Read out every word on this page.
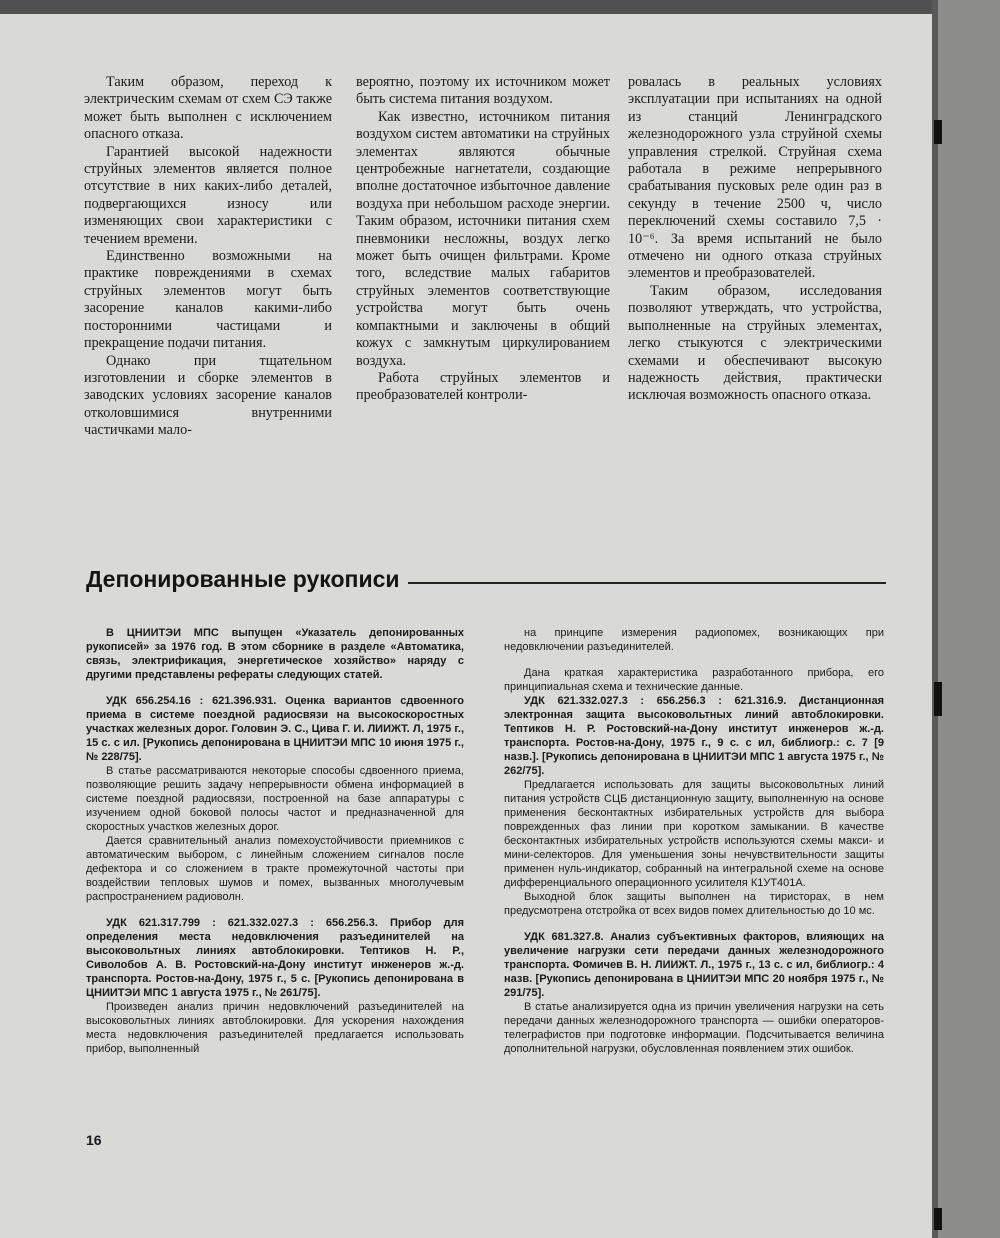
Таким образом, переход к электрическим схемам от схем СЭ также может быть выполнен с исключением опасного отказа.

Гарантией высокой надежности струйных элементов является полное отсутствие в них каких-либо деталей, подвергающихся износу или изменяющих свои характеристики с течением времени.

Единственно возможными на практике повреждениями в схемах струйных элементов могут быть засорение каналов какими-либо посторонними частицами и прекращение подачи питания.

Однако при тщательном изготовлении и сборке элементов в заводских условиях засорение каналов отколовшимися внутренними частичками мало-

вероятно, поэтому их источником может быть система питания воздухом.

Как известно, источником питания воздухом систем автоматики на струйных элементах являются обычные центробежные нагнетатели, создающие вполне достаточное избыточное давление воздуха при небольшом расходе энергии. Таким образом, источники питания схем пневмоники несложны, воздух легко может быть очищен фильтрами. Кроме того, вследствие малых габаритов струйных элементов соответствующие устройства могут быть очень компактными и заключены в общий кожух с замкнутым циркулированием воздуха.

Работа струйных элементов и преобразователей контроли-

ровалась в реальных условиях эксплуатации при испытаниях на одной из станций Ленинградского железнодорожного узла струйной схемы управления стрелкой. Струйная схема работала в режиме непрерывного срабатывания пусковых реле один раз в секунду в течение 2500 ч, число переключений схемы составило 7,5 · 10⁻⁶. За время испытаний не было отмечено ни одного отказа струйных элементов и преобразователей.

Таким образом, исследования позволяют утверждать, что устройства, выполненные на струйных элементах, легко стыкуются с электрическими схемами и обеспечивают высокую надежность действия, практически исключая возможность опасного отказа.

Депонированные рукописи

В ЦНИИТЭИ МПС выпущен «Указатель депонированных рукописей» за 1976 год. В этом сборнике в разделе «Автоматика, связь, электрификация, энергетическое хозяйство» наряду с другими представлены рефераты следующих статей.

УДК 656.254.16 : 621.396.931. Оценка вариантов сдвоенного приема в системе поездной радиосвязи на высокоскоростных участках железных дорог. Головин Э. С., Цива Г. И. ЛИИЖТ. Л, 1975 г., 15 с. с ил. [Рукопись депонирована в ЦНИИТЭИ МПС 10 июня 1975 г., № 228/75].

В статье рассматриваются некоторые способы сдвоенного приема, позволяющие решить задачу непрерывности обмена информацией в системе поездной радиосвязи, построенной на базе аппаратуры с изучением одной боковой полосы частот и предназначенной для скоростных участков железных дорог.

Дается сравнительный анализ помехоустойчивости приемников с автоматическим выбором, с линейным сложением сигналов после дефектора и со сложением в тракте промежуточной частоты при воздействии тепловых шумов и помех, вызванных многолучевым распространением радиоволн.

УДК 621.317.799 : 621.332.027.3 : 656.256.3. Прибор для определения места недовключения разъединителей на высоковольтных линиях автоблокировки. Тептиков Н. Р., Сиволобов А. В. Ростовский-на-Дону институт инженеров ж.-д. транспорта. Ростов-на-Дону, 1975 г., 5 с. [Рукопись депонирована в ЦНИИТЭИ МПС 1 августа 1975 г., № 261/75].

Произведен анализ причин недовключений разъединителей на высоковольтных линиях автоблокировки. Для ускорения нахождения места недовключения разъединителей предлагается использовать прибор, выполненный

на принципе измерения радиопомех, возникающих при недовключении разъединителей.

Дана краткая характеристика разработанного прибора, его принципиальная схема и технические данные.

УДК 621.332.027.3 : 656.256.3 : 621.316.9. Дистанционная электронная защита высоковольтных линий автоблокировки. Тептиков Н. Р. Ростовский-на-Дону институт инженеров ж.-д. транспорта. Ростов-на-Дону, 1975 г., 9 с. с ил, библиогр.: с. 7 [9 назв.]. [Рукопись депонирована в ЦНИИТЭИ МПС 1 августа 1975 г., № 262/75].

Предлагается использовать для защиты высоковольтных линий питания устройств СЦБ дистанционную защиту, выполненную на основе применения бесконтактных избирательных устройств для выбора поврежденных фаз линии при коротком замыкании. В качестве бесконтактных избирательных устройств используются схемы макси- и мини-селекторов. Для уменьшения зоны нечувствительности защиты применен нуль-индикатор, собранный на интегральной схеме на основе дифференциального операционного усилителя К1УТ401А.

Выходной блок защиты выполнен на тиристорах, в нем предусмотрена отстройка от всех видов помех длительностью до 10 мс.

УДК 681.327.8. Анализ субъективных факторов, влияющих на увеличение нагрузки сети передачи данных железнодорожного транспорта. Фомичев В. Н. ЛИИЖТ. Л., 1975 г., 13 с. с ил, библиогр.: 4 назв. [Рукопись депонирована в ЦНИИТЭИ МПС 20 ноября 1975 г., № 291/75].

В статье анализируется одна из причин увеличения нагрузки на сеть передачи данных железнодорожного транспорта — ошибки операторов-телеграфистов при подготовке информации. Подсчитывается величина дополнительной нагрузки, обусловленная появлением этих ошибок.

16
